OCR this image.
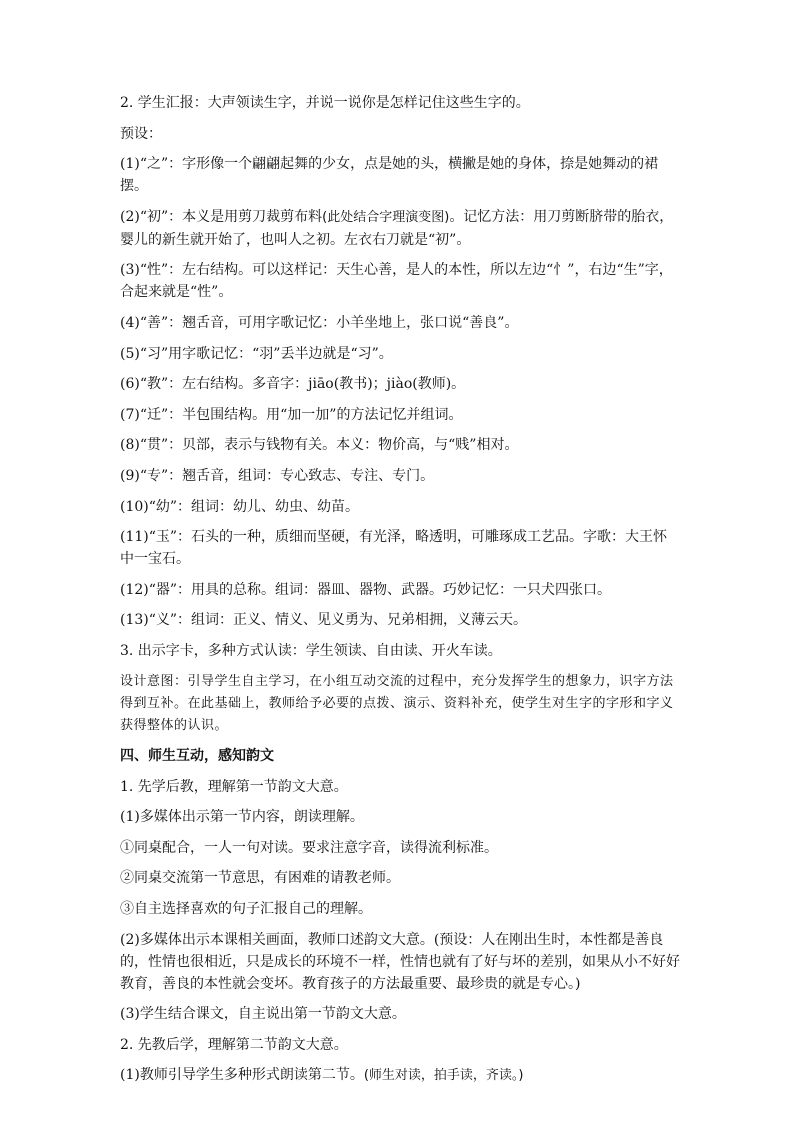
2. 学生汇报：大声领读生字，并说一说你是怎样记住这些生字的。

预设：

(1)“之”：字形像一个翩翩起舞的少女，点是她的头，横撇是她的身体，捺是她舞动的裙摆。

(2)“初”：本义是用剪刀裁剪布料(此处结合字理演变图)。记忆方法：用刀剪断脐带的胎衣，婴儿的新生就开始了，也叫人之初。左衣右刀就是“初”。

(3)“性”：左右结构。可以这样记：天生心善，是人的本性，所以左边“忄”，右边“生”字，合起来就是“性”。

(4)“善”：翘舌音，可用字歌记忆：小羊坐地上，张口说“善良”。

(5)“习”用字歌记忆：“羽”丢半边就是“习”。

(6)“教”：左右结构。多音字：jiāo(教书)；jiào(教师)。

(7)“迁”：半包围结构。用“加一加”的方法记忆并组词。

(8)“贯”：贝部，表示与钱物有关。本义：物价高，与“贱”相对。

(9)“专”：翘舌音，组词：专心致志、专注、专门。

(10)“幼”：组词：幼儿、幼虫、幼苗。

(11)“玉”：石头的一种，质细而坚硬，有光泽，略透明，可雕琢成工艺品。字歌：大王怀中一宝石。

(12)“器”：用具的总称。组词：器皿、器物、武器。巧妙记忆：一只犬四张口。

(13)“义”：组词：正义、情义、见义勇为、兄弟相拥，义薄云天。

3. 出示字卡，多种方式认读：学生领读、自由读、开火车读。

设计意图：引导学生自主学习，在小组互动交流的过程中，充分发挥学生的想象力，识字方法得到互补。在此基础上，教师给予必要的点拨、演示、资料补充，使学生对生字的字形和字义获得整体的认识。

四、师生互动，感知韵文

1. 先学后教，理解第一节韵文大意。

(1)多媒体出示第一节内容，朗读理解。

①同桌配合，一人一句对读。要求注意字音，读得流利标准。

②同桌交流第一节意思，有困难的请教老师。

③自主选择喜欢的句子汇报自己的理解。

(2)多媒体出示本课相关画面，教师口述韵文大意。(预设：人在刚出生时，本性都是善良的，性情也很相近，只是成长的环境不一样，性情也就有了好与坏的差别，如果从小不好好教育，善良的本性就会变坏。教育孩子的方法最重要、最珍贵的就是专心。)

(3)学生结合课文，自主说出第一节韵文大意。

2. 先教后学，理解第二节韵文大意。

(1)教师引导学生多种形式朗读第二节。(师生对读，拍手读，齐读。)
